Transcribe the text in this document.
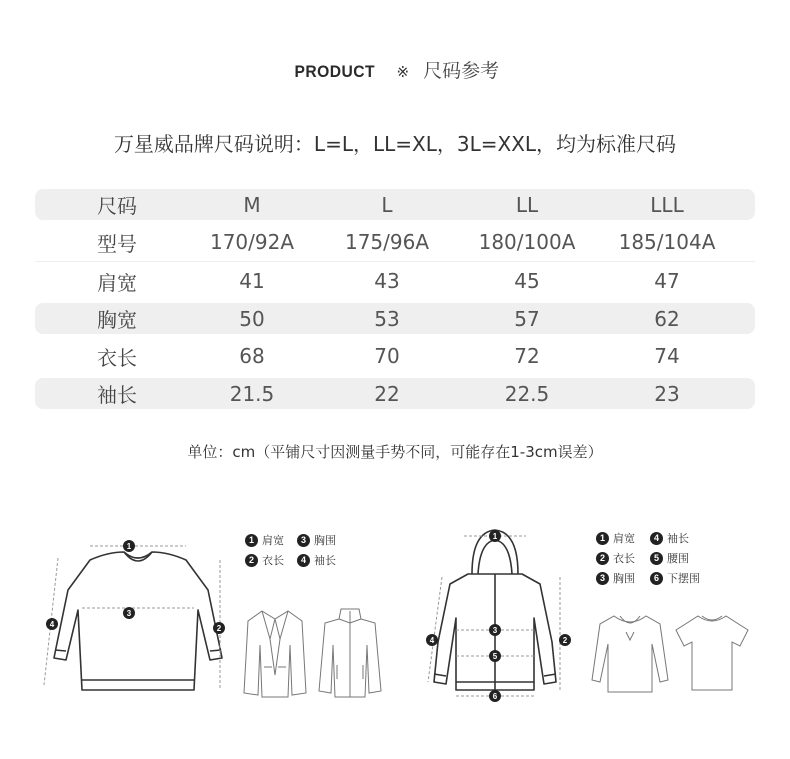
PRODUCT ※ 尺码参考
万星威品牌尺码说明：L=L，LL=XL，3L=XXL，均为标准尺码
尺码	M	L	LL	LLL
型号	170/92A	175/96A	180/100A	185/104A
肩宽	41	43	45	47
胸宽	50	53	57	62
衣长	68	70	72	74
袖长	21.5	22	22.5	23
单位：cm（平铺尺寸因测量手势不同，可能存在1-3cm误差）
1
3
2
4
1 肩宽	3 胸围
2 衣长	4 袖长
1
3
5
6
2
4
1 肩宽	4 袖长
2 衣长	5 腰围
3 胸围	6 下摆围
